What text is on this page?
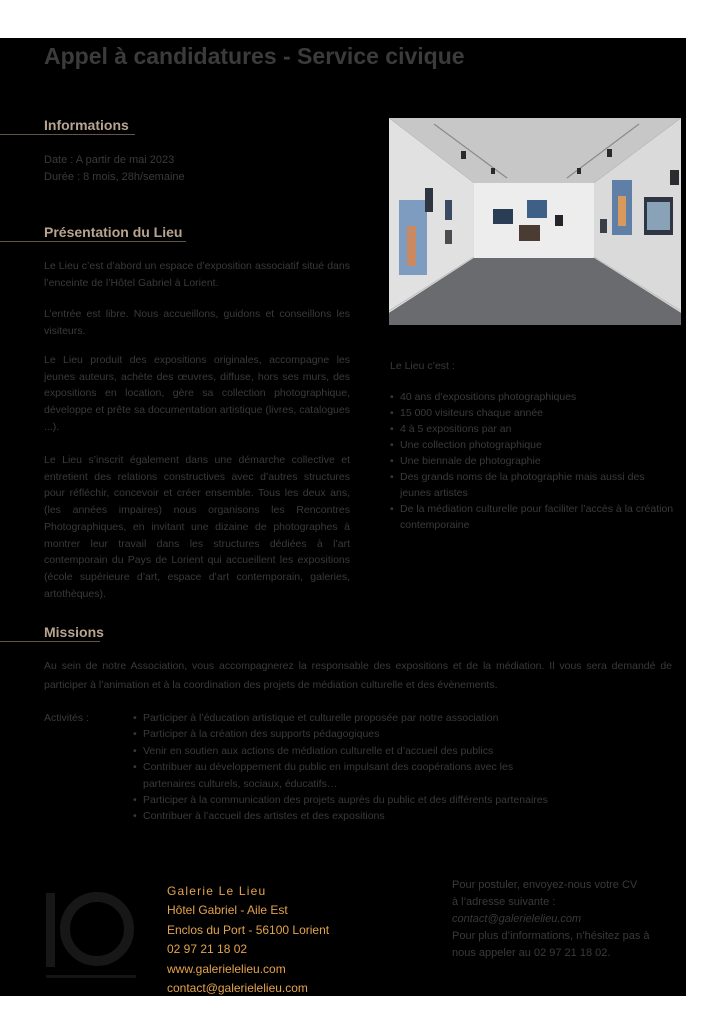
Appel à candidatures - Service civique
Informations
Date : A partir de mai 2023
Durée : 8 mois, 28h/semaine
Présentation du Lieu

Le Lieu c’est d’abord un espace d’exposition associatif situé dans l’enceinte de l’Hôtel Gabriel à Lorient.

L’entrée est libre. Nous accueillons, guidons et conseillons les visiteurs.

Le Lieu produit des expositions originales, accompagne les jeunes auteurs, achète des œuvres, diffuse, hors ses murs, des expositions en location, gère sa collection photographique, développe et prête sa documentation artistique (livres, catalogues ...).

Le Lieu s’inscrit également dans une démarche collective et entretient des relations constructives avec d’autres structures pour réfléchir, concevoir et créer ensemble. Tous les deux ans, (les années impaires) nous organisons les Rencontres Photographiques, en invitant une dizaine de photographes à montrer leur travail dans les structures dédiées à l’art contemporain du Pays de Lorient qui accueillent les expositions (école supérieure d’art, espace d’art contemporain, galeries, artothèques).

Le Lieu c’est :

• 40 ans d’expositions photographiques
• 15 000 visiteurs chaque année
• 4 à 5 expositions par an
• Une collection photographique
• Une biennale de photographie
• Des grands noms de la photographie mais aussi des jeunes artistes
• De la médiation culturelle pour faciliter l’accès à la création contemporaine
Missions

Au sein de notre Association, vous accompagnerez la responsable des expositions et de la médiation. Il vous sera demandé de participer à l’animation et à la coordination des projets de médiation culturelle et des évènements.

Activités :

•	Participer à l’éducation artistique et culturelle proposée par notre association
• Participer à la création des supports pédagogiques
• Venir en soutien aux actions de médiation culturelle et d’accueil des publics
• Contribuer au développement du public en impulsant des coopérations avec les partenaires culturels, sociaux, éducatifs…
• Participer à la communication des projets auprès du public et des différents partenaires
• Contribuer à l’accueil des artistes et des expositions
Galerie Le Lieu
Hôtel Gabriel - Aile Est
Enclos du Port - 56100 Lorient
02 97 21 18 02
www.galerielelieu.com
contact@galerielelieu.com
Pour postuler, envoyez-nous votre CV
à l’adresse suivante :
contact@galerielelieu.com
Pour plus d’informations, n’hésitez pas à
nous appeler au 02 97 21 18 02.
